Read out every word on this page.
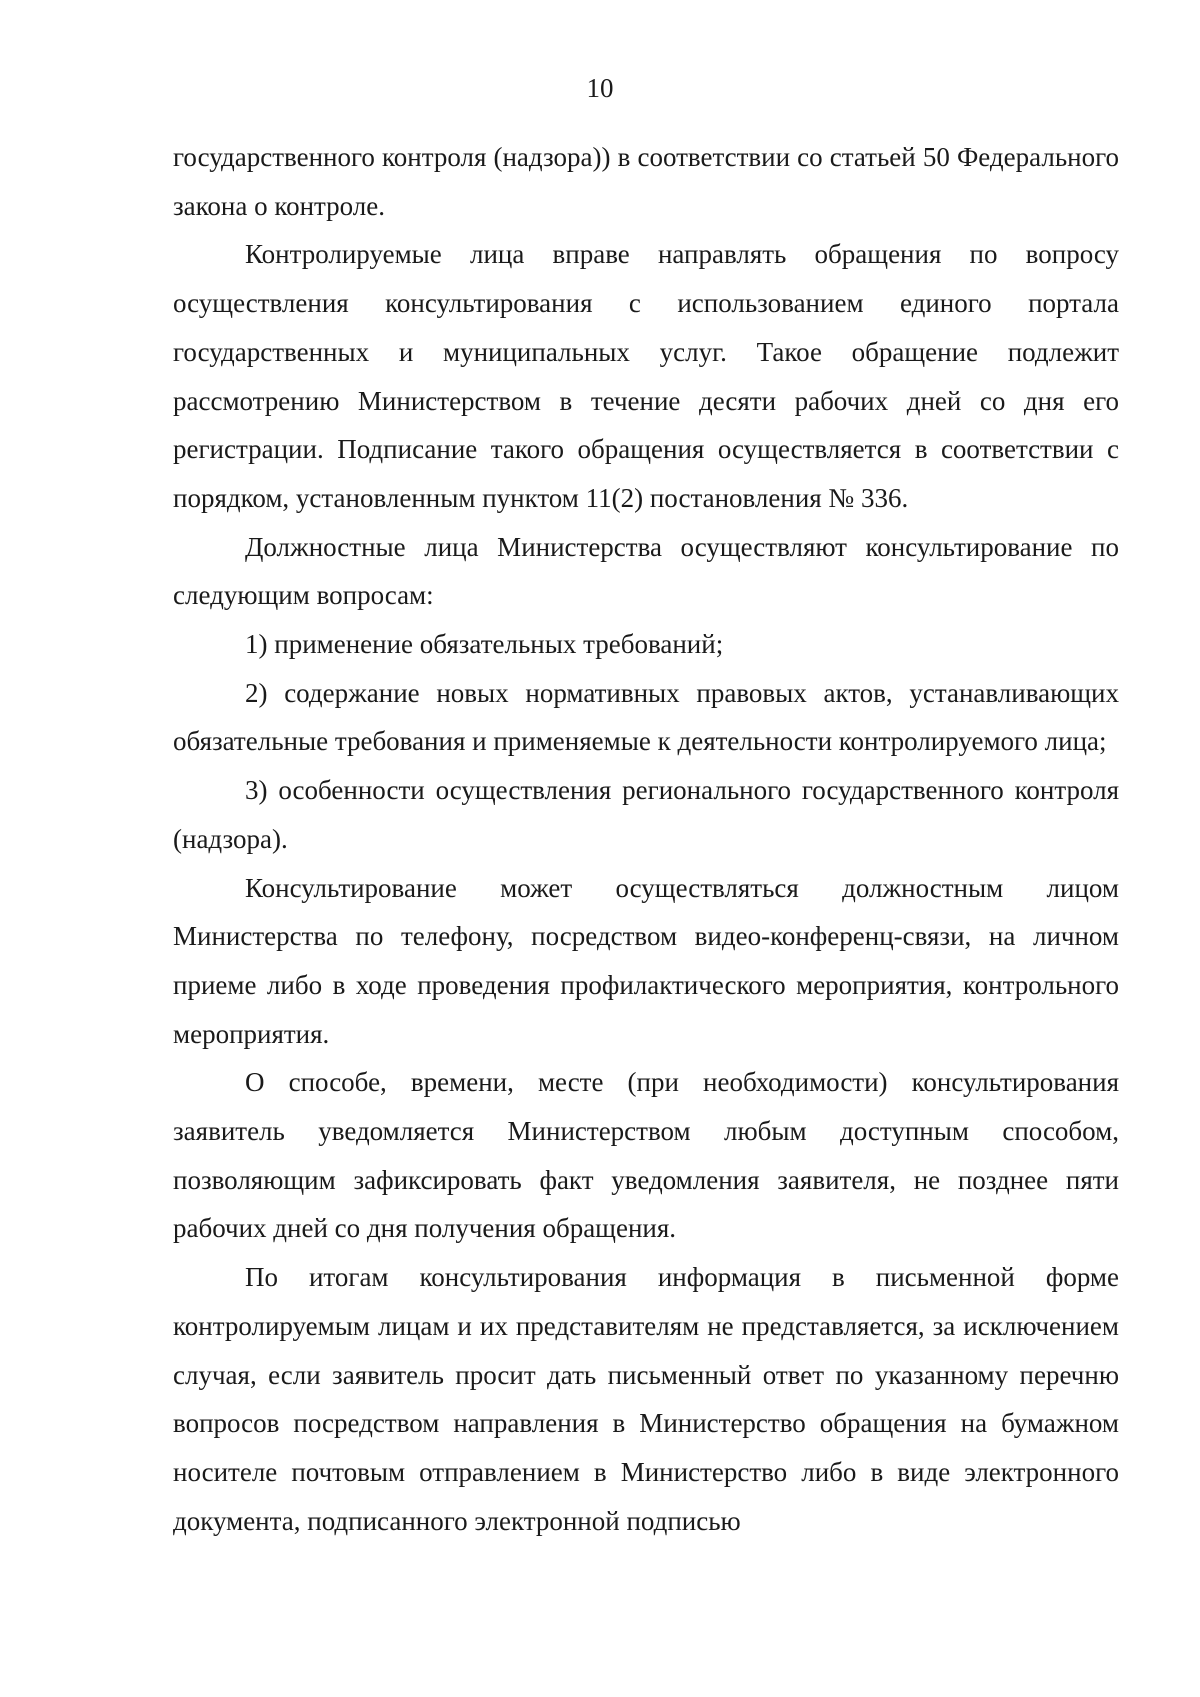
10

государственного контроля (надзора)) в соответствии со статьей 50 Федерального закона о контроле.

Контролируемые лица вправе направлять обращения по вопросу осуществления консультирования с использованием единого портала государственных и муниципальных услуг. Такое обращение подлежит рассмотрению Министерством в течение десяти рабочих дней со дня его регистрации. Подписание такого обращения осуществляется в соответствии с порядком, установленным пунктом 11(2) постановления № 336.

Должностные лица Министерства осуществляют консультирование по следующим вопросам:

1) применение обязательных требований;

2) содержание новых нормативных правовых актов, устанавливающих обязательные требования и применяемые к деятельности контролируемого лица;

3) особенности осуществления регионального государственного контроля (надзора).

Консультирование может осуществляться должностным лицом Министерства по телефону, посредством видео-конференц-связи, на личном приеме либо в ходе проведения профилактического мероприятия, контрольного мероприятия.

О способе, времени, месте (при необходимости) консультирования заявитель уведомляется Министерством любым доступным способом, позволяющим зафиксировать факт уведомления заявителя, не позднее пяти рабочих дней со дня получения обращения.

По итогам консультирования информация в письменной форме контролируемым лицам и их представителям не представляется, за исключением случая, если заявитель просит дать письменный ответ по указанному перечню вопросов посредством направления в Министерство обращения на бумажном носителе почтовым отправлением в Министерство либо в виде электронного документа, подписанного электронной подписью
